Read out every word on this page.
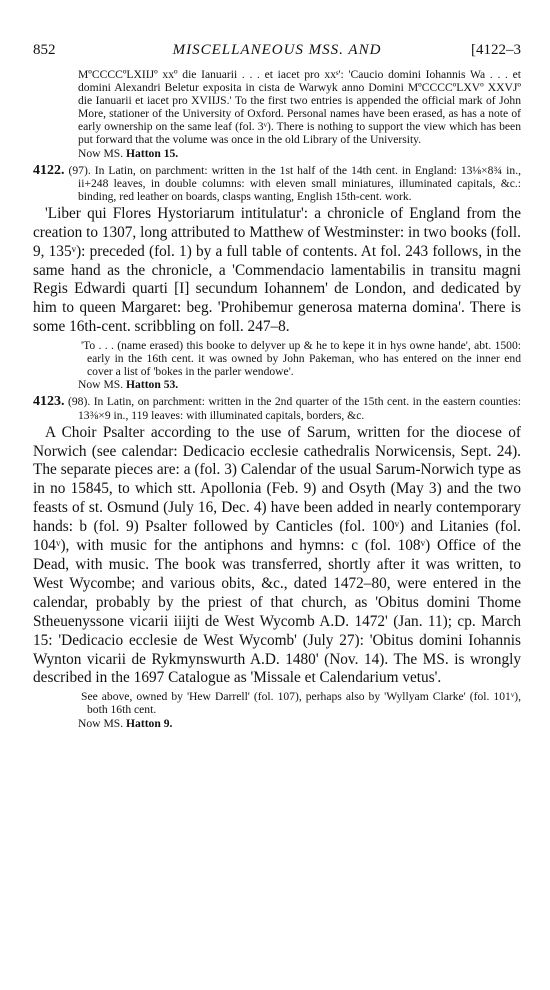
852	MISCELLANEOUS MSS. AND	[4122–3

MºCCCCºLXIIJº xxº die Ianuarii . . . et iacet pro xxˢ': 'Caucio domini Iohannis Wa . . . et domini Alexandri Beletur exposita in cista de Warwyk anno Domini MºCCCCºLXVº XXVJº die Ianuarii et iacet pro XVIIJS.' To the first two entries is appended the official mark of John More, stationer of the University of Oxford. Personal names have been erased, as has a note of early ownership on the same leaf (fol. 3ᵛ). There is nothing to support the view which has been put forward that the volume was once in the old Library of the University.

Now MS. Hatton 15.

4122. (97). In Latin, on parchment: written in the 1st half of the 14th cent. in England: 13⅛×8¾ in., ii+248 leaves, in double columns: with eleven small miniatures, illuminated capitals, &c.: binding, red leather on boards, clasps wanting, English 15th-cent. work.

'Liber qui Flores Hystoriarum intitulatur': a chronicle of England from the creation to 1307, long attributed to Matthew of Westminster: in two books (foll. 9, 135ᵛ): preceded (fol. 1) by a full table of contents. At fol. 243 follows, in the same hand as the chronicle, a 'Commendacio lamentabilis in transitu magni Regis Edwardi quarti [I] secundum Iohannem' de London, and dedicated by him to queen Margaret: beg. 'Prohibemur generosa materna domina'. There is some 16th-cent. scribbling on foll. 247–8.

'To . . . (name erased) this booke to delyver up & he to kepe it in hys owne hande', abt. 1500: early in the 16th cent. it was owned by John Pakeman, who has entered on the inner end cover a list of 'bokes in the parler wendowe'.

Now MS. Hatton 53.

4123. (98). In Latin, on parchment: written in the 2nd quarter of the 15th cent. in the eastern counties: 13⅜×9 in., 119 leaves: with illuminated capitals, borders, &c.

A Choir Psalter according to the use of Sarum, written for the diocese of Norwich (see calendar: Dedicacio ecclesie cathedralis Norwicensis, Sept. 24). The separate pieces are: a (fol. 3) Calendar of the usual Sarum-Norwich type as in no 15845, to which stt. Apollonia (Feb. 9) and Osyth (May 3) and the two feasts of st. Osmund (July 16, Dec. 4) have been added in nearly contemporary hands: b (fol. 9) Psalter followed by Canticles (fol. 100ᵛ) and Litanies (fol. 104ᵛ), with music for the antiphons and hymns: c (fol. 108ᵛ) Office of the Dead, with music. The book was transferred, shortly after it was written, to West Wycombe; and various obits, &c., dated 1472–80, were entered in the calendar, probably by the priest of that church, as 'Obitus domini Thome Stheuenyssone vicarii iiijti de West Wycomb A.D. 1472' (Jan. 11); cp. March 15: 'Dedicacio ecclesie de West Wycomb' (July 27): 'Obitus domini Iohannis Wynton vicarii de Rykmynswurth A.D. 1480' (Nov. 14). The MS. is wrongly described in the 1697 Catalogue as 'Missale et Calendarium vetus'.

See above, owned by 'Hew Darrell' (fol. 107), perhaps also by 'Wyllyam Clarke' (fol. 101ᵛ), both 16th cent.

Now MS. Hatton 9.
